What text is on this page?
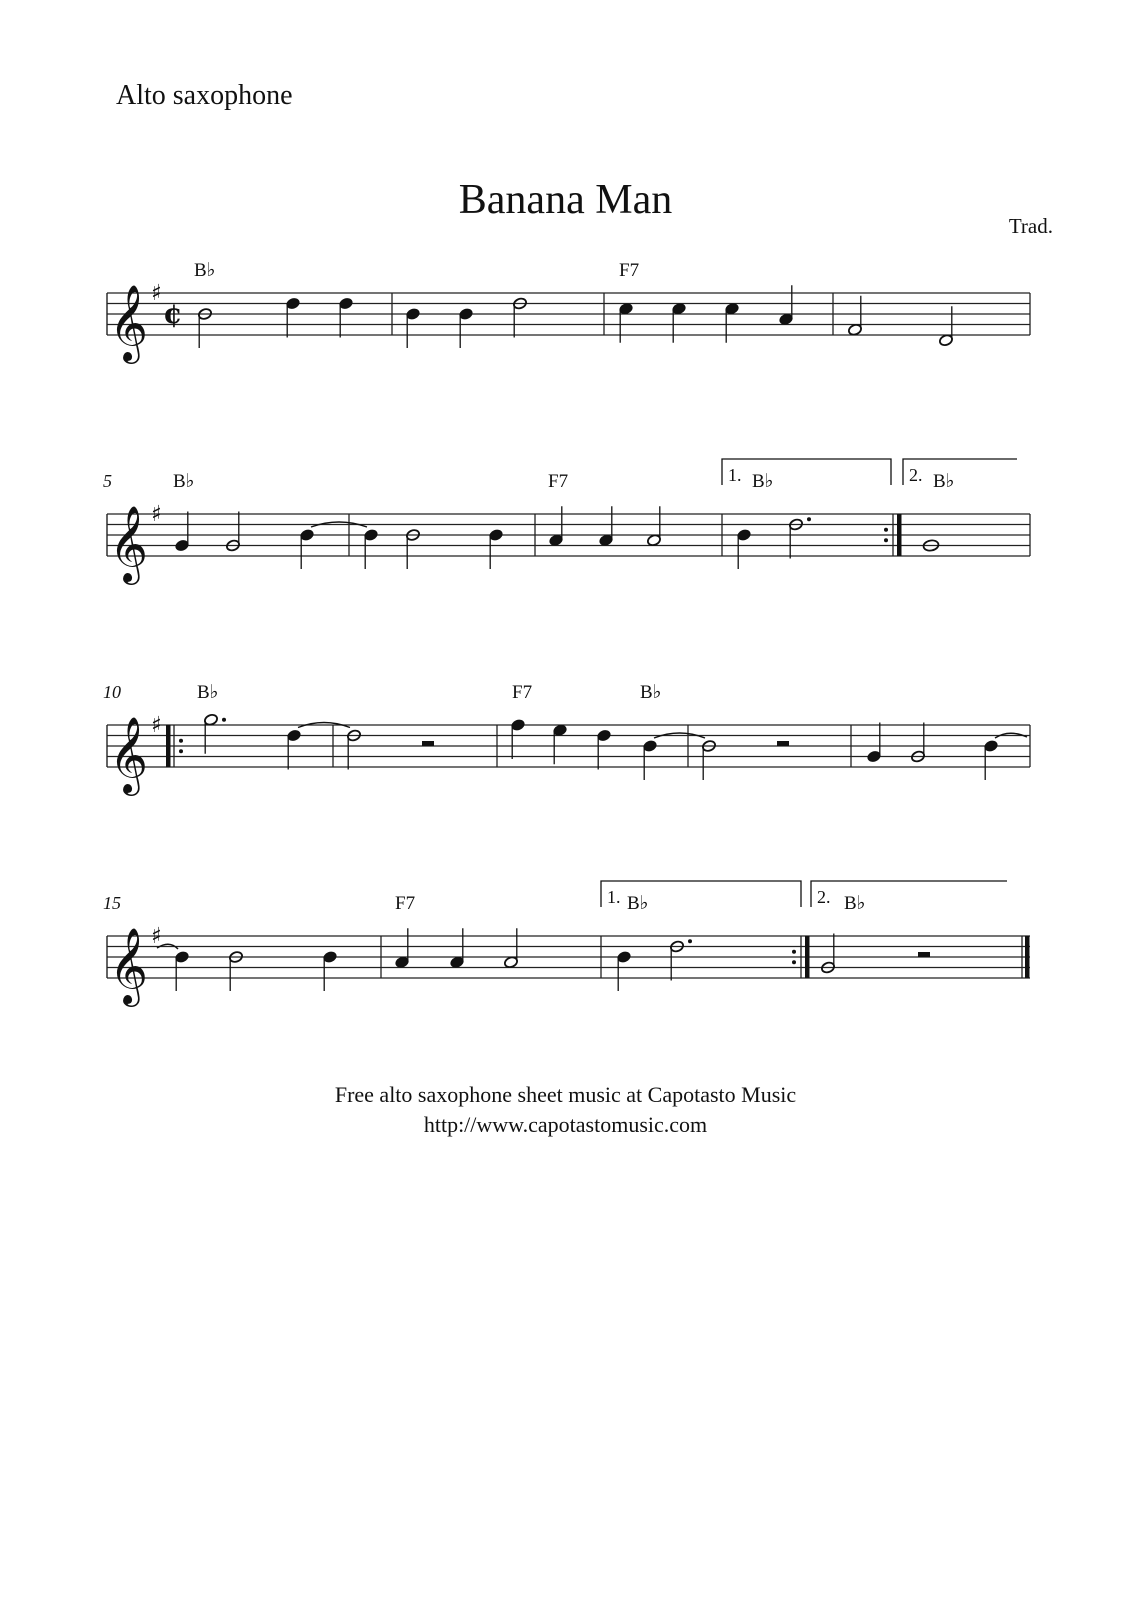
Alto saxophone
Banana Man
Trad.
𝄞 ♯
¢
B♭	F7
𝄞 ♯
5	B♭	F7	1. B♭	2. B♭
𝄞 ♯
10	B♭	F7	B♭
𝄞 ♯
15	F7	1. B♭	2. B♭
Free alto saxophone sheet music at Capotasto Music
http://www.capotastomusic.com
